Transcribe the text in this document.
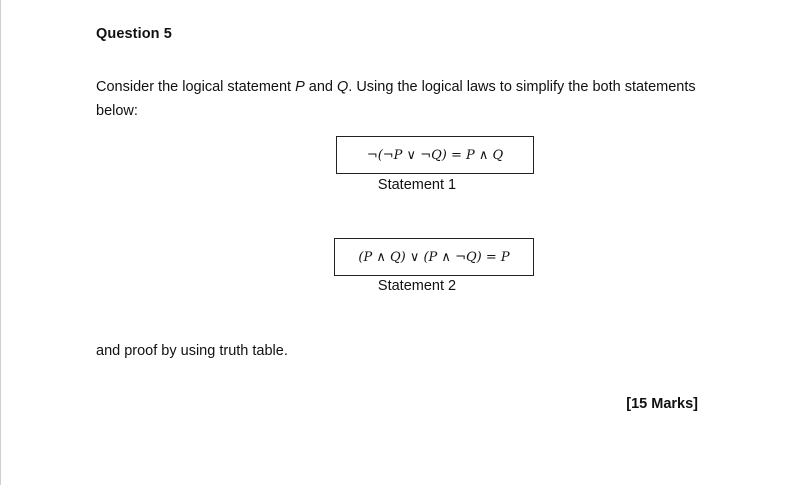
Question 5
Consider the logical statement P and Q. Using the logical laws to simplify the both statements below:
¬(¬P ∨ ¬Q) = P ∧ Q
Statement 1
(P ∧ Q) ∨ (P ∧ ¬Q) = P
Statement 2
and proof by using truth table.
[15 Marks]
